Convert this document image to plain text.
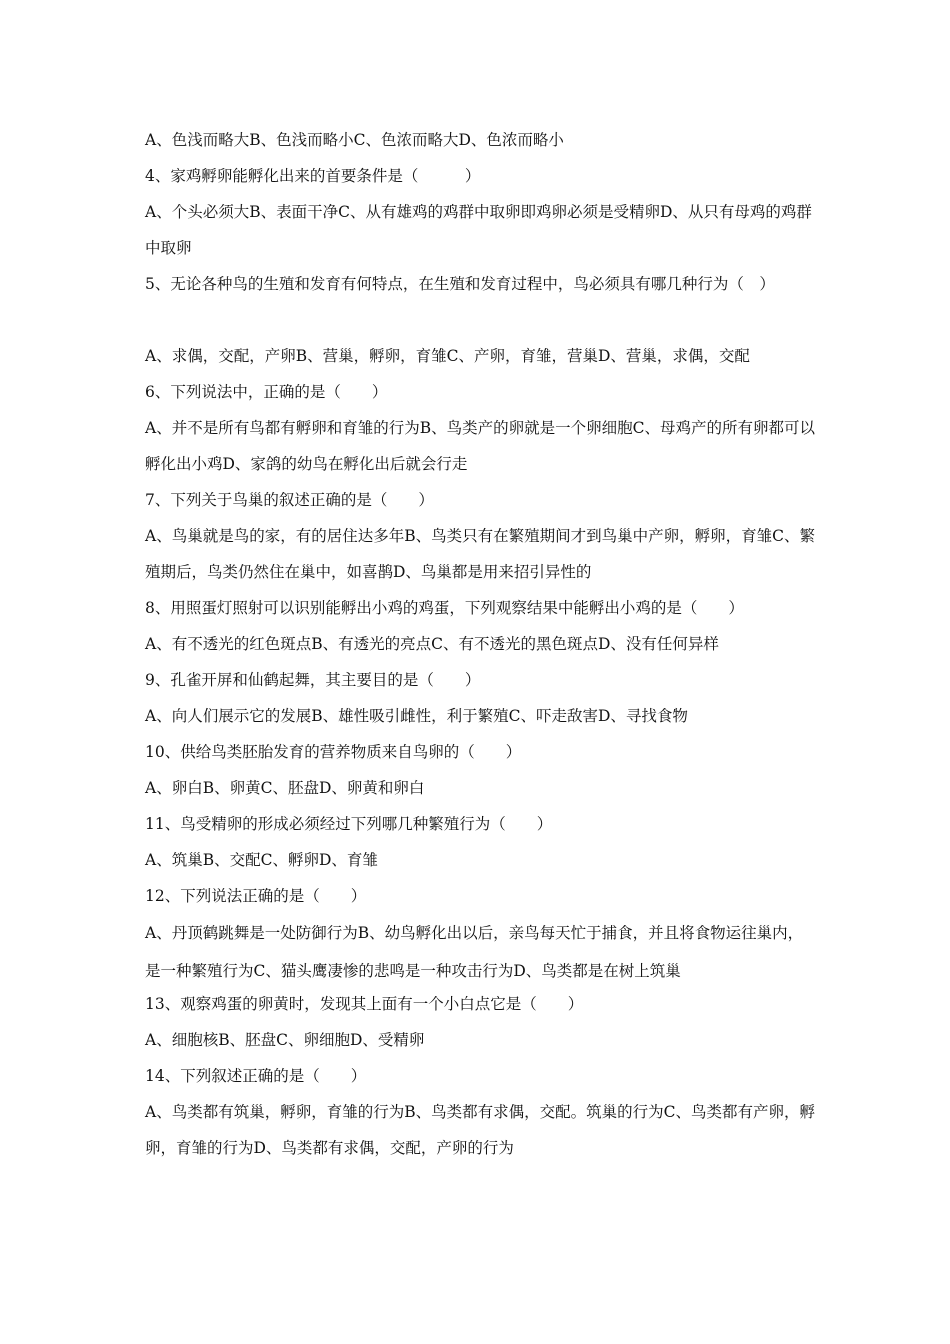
A、色浅而略大B、色浅而略小C、色浓而略大D、色浓而略小

4、家鸡孵卵能孵化出来的首要条件是（　　　）

A、个头必须大B、表面干净C、从有雄鸡的鸡群中取卵即鸡卵必须是受精卵D、从只有母鸡的鸡群中取卵

5、无论各种鸟的生殖和发育有何特点，在生殖和发育过程中，鸟必须具有哪几种行为（　）

A、求偶，交配，产卵B、营巢，孵卵，育雏C、产卵，育雏，营巢D、营巢，求偶，交配

6、下列说法中，正确的是（　　）

A、并不是所有鸟都有孵卵和育雏的行为B、鸟类产的卵就是一个卵细胞C、母鸡产的所有卵都可以孵化出小鸡D、家鸽的幼鸟在孵化出后就会行走

7、下列关于鸟巢的叙述正确的是（　　）

A、鸟巢就是鸟的家，有的居住达多年B、鸟类只有在繁殖期间才到鸟巢中产卵，孵卵，育雏C、繁殖期后，鸟类仍然住在巢中，如喜鹊D、鸟巢都是用来招引异性的

8、用照蛋灯照射可以识别能孵出小鸡的鸡蛋，下列观察结果中能孵出小鸡的是（　　）

A、有不透光的红色斑点B、有透光的亮点C、有不透光的黑色斑点D、没有任何异样

9、孔雀开屏和仙鹤起舞，其主要目的是（　　）

A、向人们展示它的发展B、雄性吸引雌性，利于繁殖C、吓走敌害D、寻找食物

10、供给鸟类胚胎发育的营养物质来自鸟卵的（　　）

A、卵白B、卵黄C、胚盘D、卵黄和卵白

11、鸟受精卵的形成必须经过下列哪几种繁殖行为（　　）

A、筑巢B、交配C、孵卵D、育雏

12、下列说法正确的是（　　）

A、丹顶鹤跳舞是一处防御行为B、幼鸟孵化出以后，亲鸟每天忙于捕食，并且将食物运往巢内，是一种繁殖行为C、猫头鹰凄惨的悲鸣是一种攻击行为D、鸟类都是在树上筑巢

13、观察鸡蛋的卵黄时，发现其上面有一个小白点它是（　　）

A、细胞核B、胚盘C、卵细胞D、受精卵

14、下列叙述正确的是（　　）

A、鸟类都有筑巢，孵卵，育雏的行为B、鸟类都有求偶，交配。筑巢的行为C、鸟类都有产卵，孵卵，育雏的行为D、鸟类都有求偶，交配，产卵的行为
